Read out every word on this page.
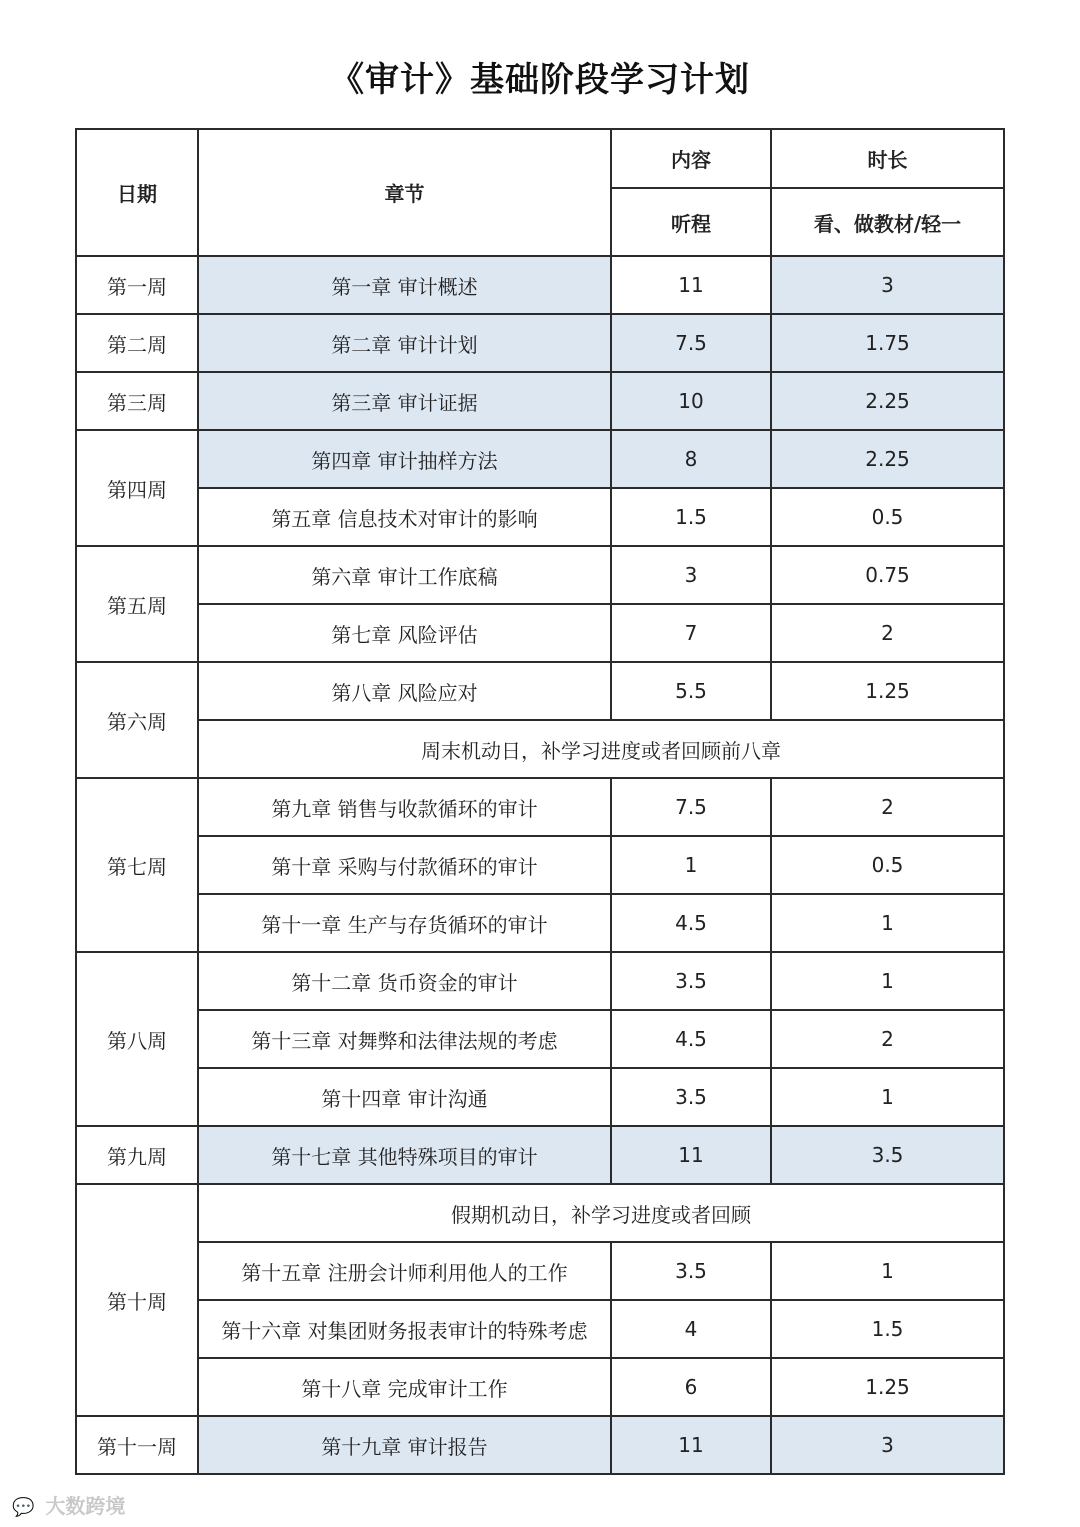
《审计》基础阶段学习计划
日期	章节	内容	时长
		听程	看、做教材/轻一
第一周	第一章 审计概述	11	3
第二周	第二章 审计计划	7.5	1.75
第三周	第三章 审计证据	10	2.25
第四周	第四章 审计抽样方法	8	2.25
	第五章 信息技术对审计的影响	1.5	0.5
第五周	第六章 审计工作底稿	3	0.75
	第七章 风险评估	7	2
第六周	第八章 风险应对	5.5	1.25
	周末机动日，补学习进度或者回顾前八章		
第七周	第九章 销售与收款循环的审计	7.5	2
	第十章 采购与付款循环的审计	1	0.5
	第十一章 生产与存货循环的审计	4.5	1
第八周	第十二章 货币资金的审计	3.5	1
	第十三章 对舞弊和法律法规的考虑	4.5	2
	第十四章 审计沟通	3.5	1
第九周	第十七章 其他特殊项目的审计	11	3.5
第十周	假期机动日，补学习进度或者回顾		
	第十五章 注册会计师利用他人的工作	3.5	1
	第十六章 对集团财务报表审计的特殊考虑	4	1.5
	第十八章 完成审计工作	6	1.25
第十一周	第十九章 审计报告	11	3
💬 大数跨境
